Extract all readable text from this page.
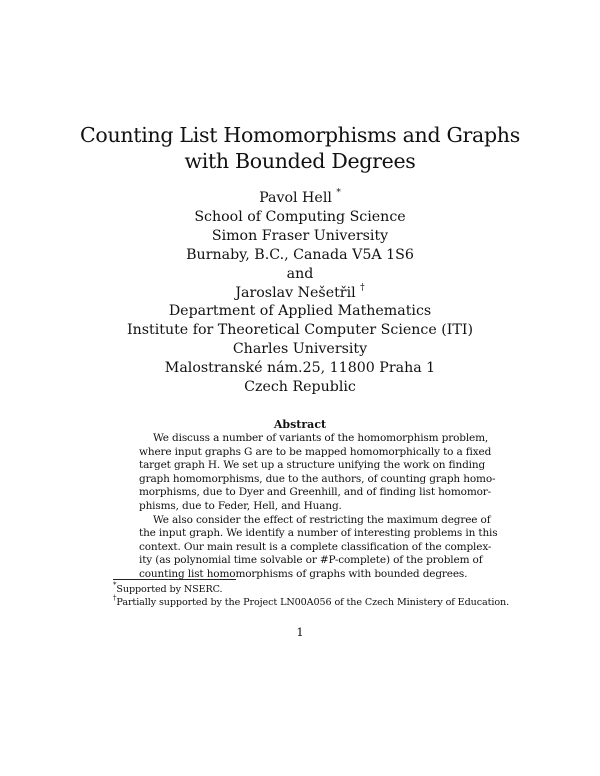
Counting List Homomorphisms and Graphs
with Bounded Degrees
Pavol Hell *
School of Computing Science
Simon Fraser University
Burnaby, B.C., Canada V5A 1S6
and
Jaroslav Nešetřil †
Department of Applied Mathematics
Institute for Theoretical Computer Science (ITI)
Charles University
Malostranské nám.25, 11800 Praha 1
Czech Republic
Abstract
We discuss a number of variants of the homomorphism problem,
where input graphs G are to be mapped homomorphically to a fixed
target graph H. We set up a structure unifying the work on finding
graph homomorphisms, due to the authors, of counting graph homo-
morphisms, due to Dyer and Greenhill, and of finding list homomor-
phisms, due to Feder, Hell, and Huang.
We also consider the effect of restricting the maximum degree of
the input graph. We identify a number of interesting problems in this
context. Our main result is a complete classification of the complex-
ity (as polynomial time solvable or #P-complete) of the problem of
counting list homomorphisms of graphs with bounded degrees.
*Supported by NSERC.
†Partially supported by the Project LN00A056 of the Czech Ministery of Education.
1
